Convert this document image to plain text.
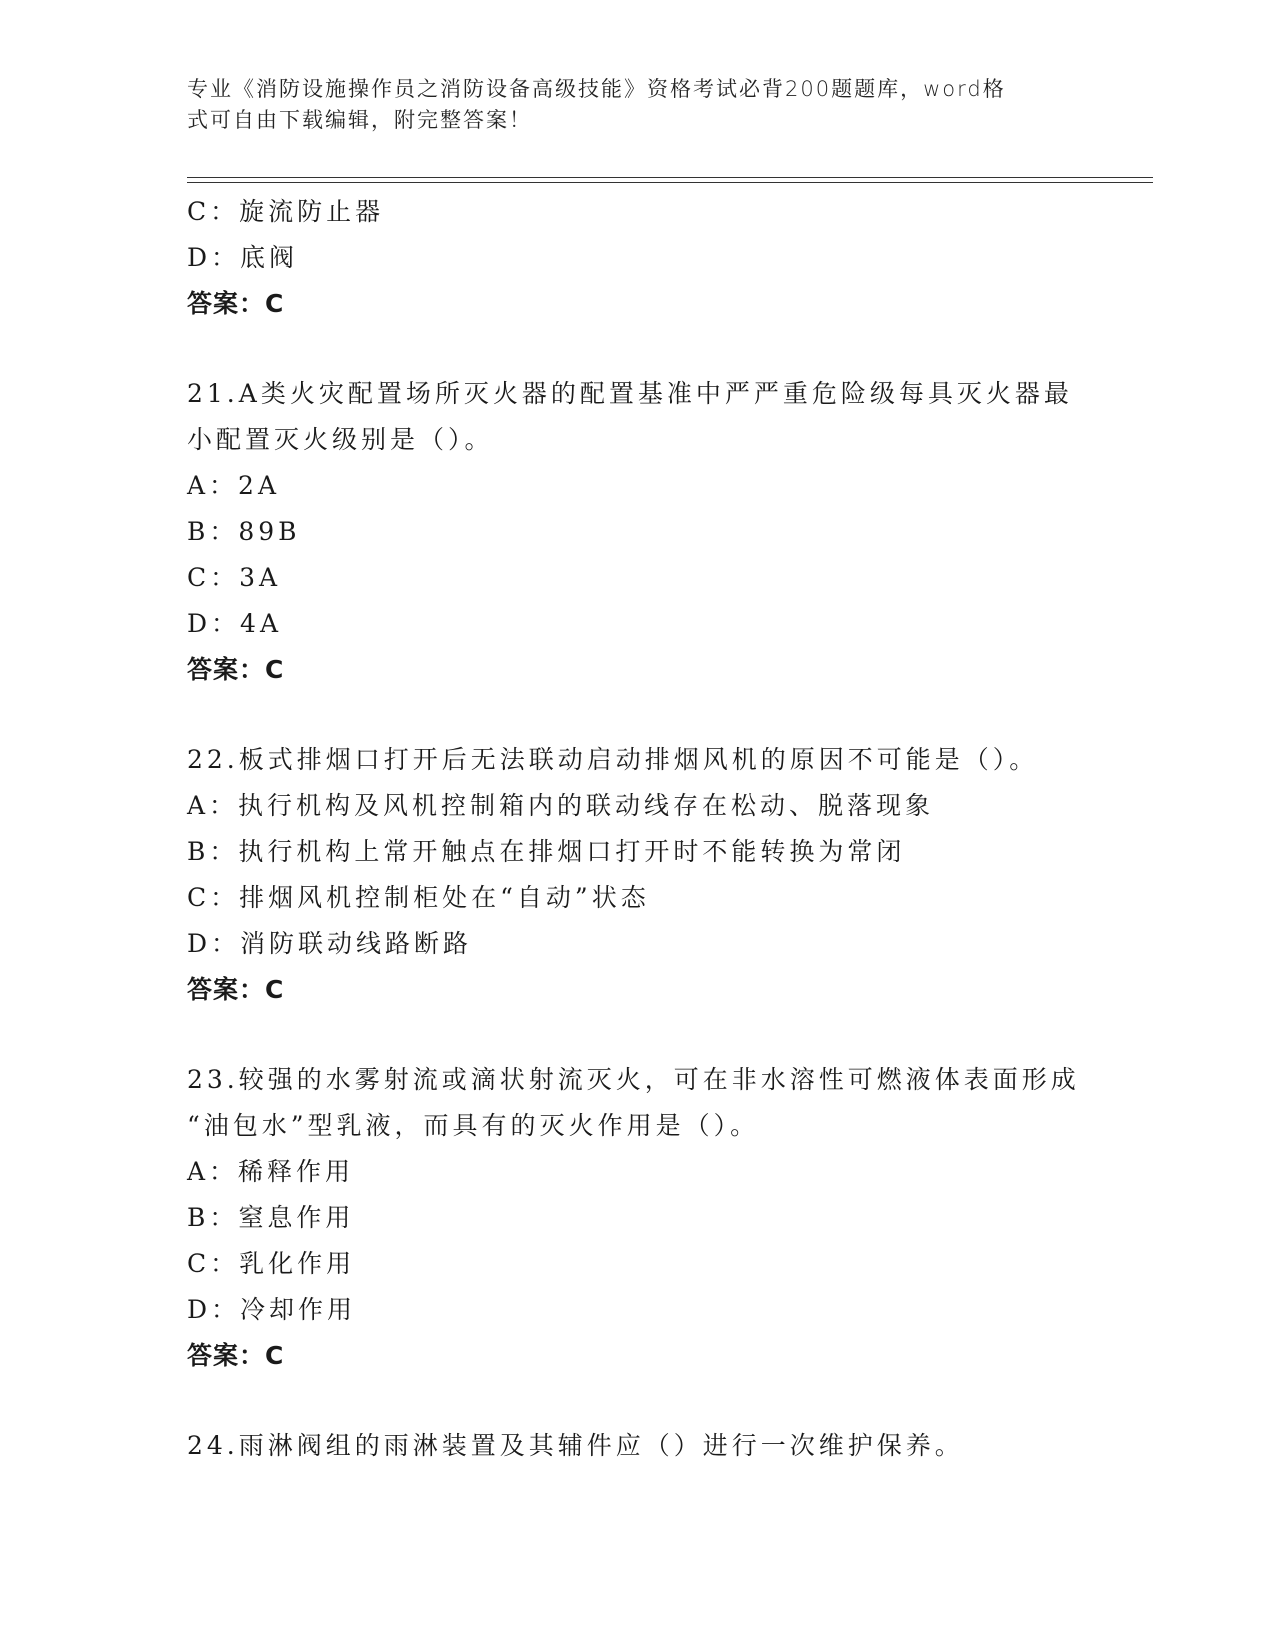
专业《消防设施操作员之消防设备高级技能》资格考试必背200题题库，word格
式可自由下载编辑，附完整答案！
C：旋流防止器
D：底阀
答案：C
21.A类火灾配置场所灭火器的配置基准中严严重危险级每具灭火器最
小配置灭火级别是（）。
A：2A
B：89B
C：3A
D：4A
答案：C
22.板式排烟口打开后无法联动启动排烟风机的原因不可能是（）。
A：执行机构及风机控制箱内的联动线存在松动、脱落现象
B：执行机构上常开触点在排烟口打开时不能转换为常闭
C：排烟风机控制柜处在“自动”状态
D：消防联动线路断路
答案：C
23.较强的水雾射流或滴状射流灭火，可在非水溶性可燃液体表面形成
“油包水”型乳液，而具有的灭火作用是（）。
A：稀释作用
B：窒息作用
C：乳化作用
D：冷却作用
答案：C
24.雨淋阀组的雨淋装置及其辅件应（）进行一次维护保养。
